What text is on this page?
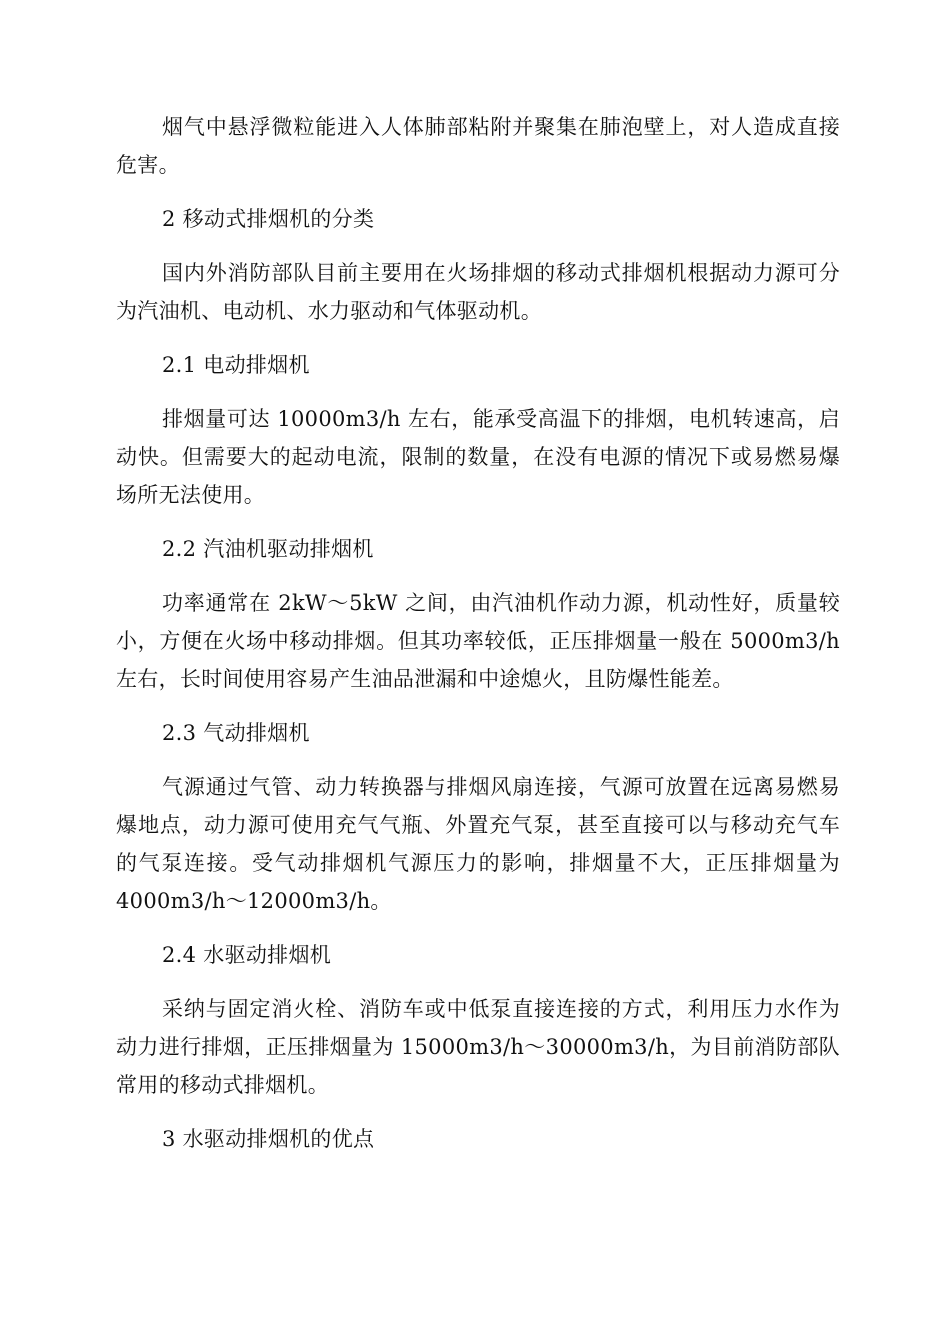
烟气中悬浮微粒能进入人体肺部粘附并聚集在肺泡壁上，对人造成直接危害。

2 移动式排烟机的分类

国内外消防部队目前主要用在火场排烟的移动式排烟机根据动力源可分为汽油机、电动机、水力驱动和气体驱动机。

2.1 电动排烟机

排烟量可达 10000m3/h 左右，能承受高温下的排烟，电机转速高，启动快。但需要大的起动电流，限制的数量，在没有电源的情况下或易燃易爆场所无法使用。

2.2 汽油机驱动排烟机

功率通常在 2kW～5kW 之间，由汽油机作动力源，机动性好，质量较小，方便在火场中移动排烟。但其功率较低，正压排烟量一般在 5000m3/h 左右，长时间使用容易产生油品泄漏和中途熄火，且防爆性能差。

2.3 气动排烟机

气源通过气管、动力转换器与排烟风扇连接，气源可放置在远离易燃易爆地点，动力源可使用充气气瓶、外置充气泵，甚至直接可以与移动充气车的气泵连接。受气动排烟机气源压力的影响，排烟量不大，正压排烟量为 4000m3/h～12000m3/h。

2.4 水驱动排烟机

采纳与固定消火栓、消防车或中低泵直接连接的方式，利用压力水作为动力进行排烟，正压排烟量为 15000m3/h～30000m3/h，为目前消防部队常用的移动式排烟机。

3 水驱动排烟机的优点
